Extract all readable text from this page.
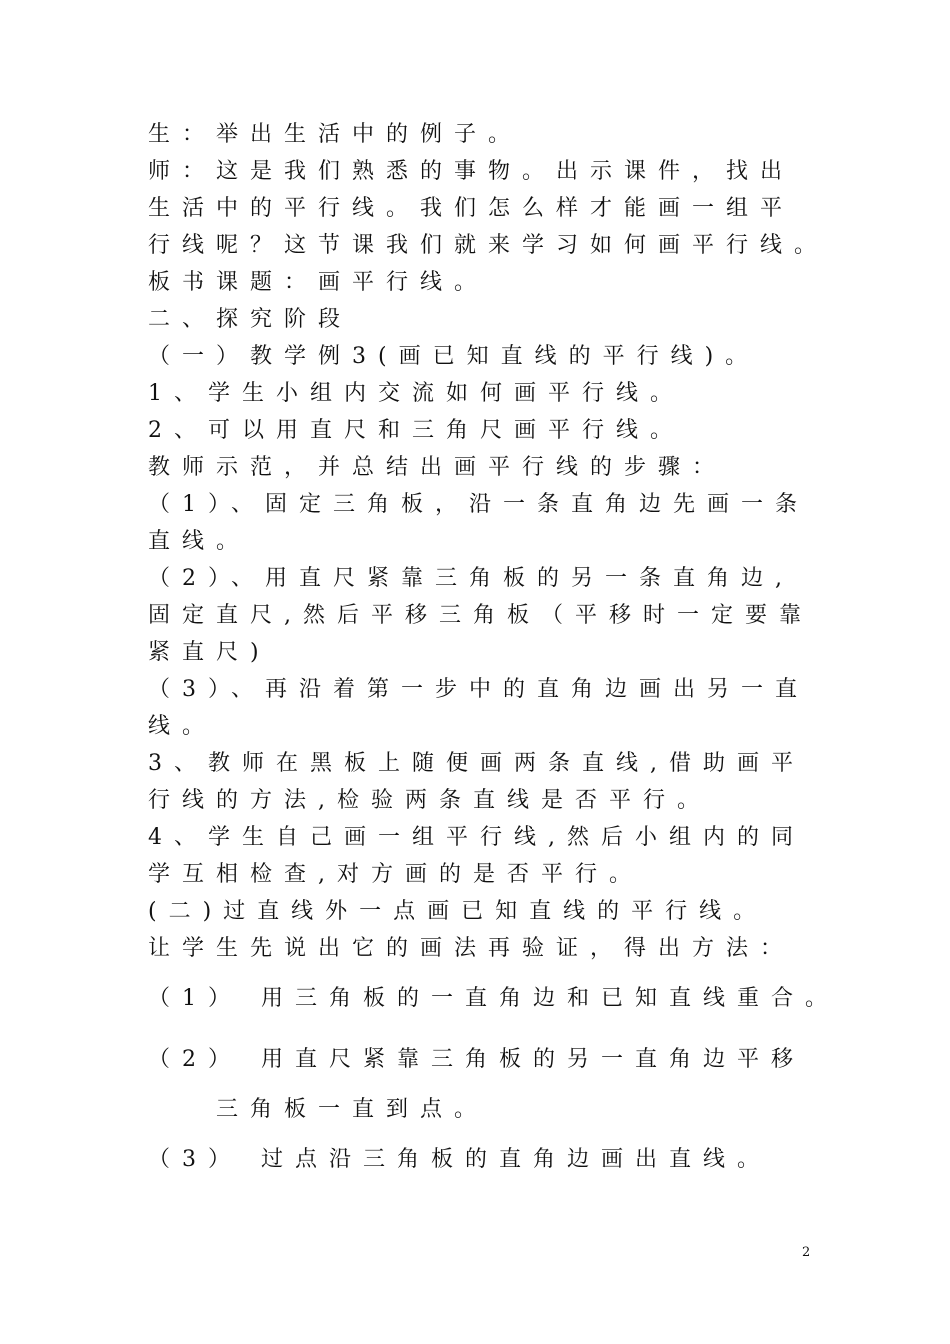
生：举出生活中的例子。
师：这是我们熟悉的事物。出示课件，找出
生活中的平行线。我们怎么样才能画一组平
行线呢？这节课我们就来学习如何画平行线。
板书课题：画平行线。
二、探究阶段
（一）教学例3(画已知直线的平行线)。
1、学生小组内交流如何画平行线。
2、可以用直尺和三角尺画平行线。
教师示范，并总结出画平行线的步骤：
（1）、固定三角板，沿一条直角边先画一条
直线。
（2）、用直尺紧靠三角板的另一条直角边,
固定直尺,然后平移三角板（平移时一定要靠
紧直尺)
（3）、再沿着第一步中的直角边画出另一直
线。
3、教师在黑板上随便画两条直线,借助画平
行线的方法,检验两条直线是否平行。
4、学生自己画一组平行线,然后小组内的同
学互相检查,对方画的是否平行。
(二)过直线外一点画已知直线的平行线。
让学生先说出它的画法再验证，得出方法：
（1） 用三角板的一直角边和已知直线重合。
（2） 用直尺紧靠三角板的另一直角边平移
三角板一直到点。
（3） 过点沿三角板的直角边画出直线。
2
